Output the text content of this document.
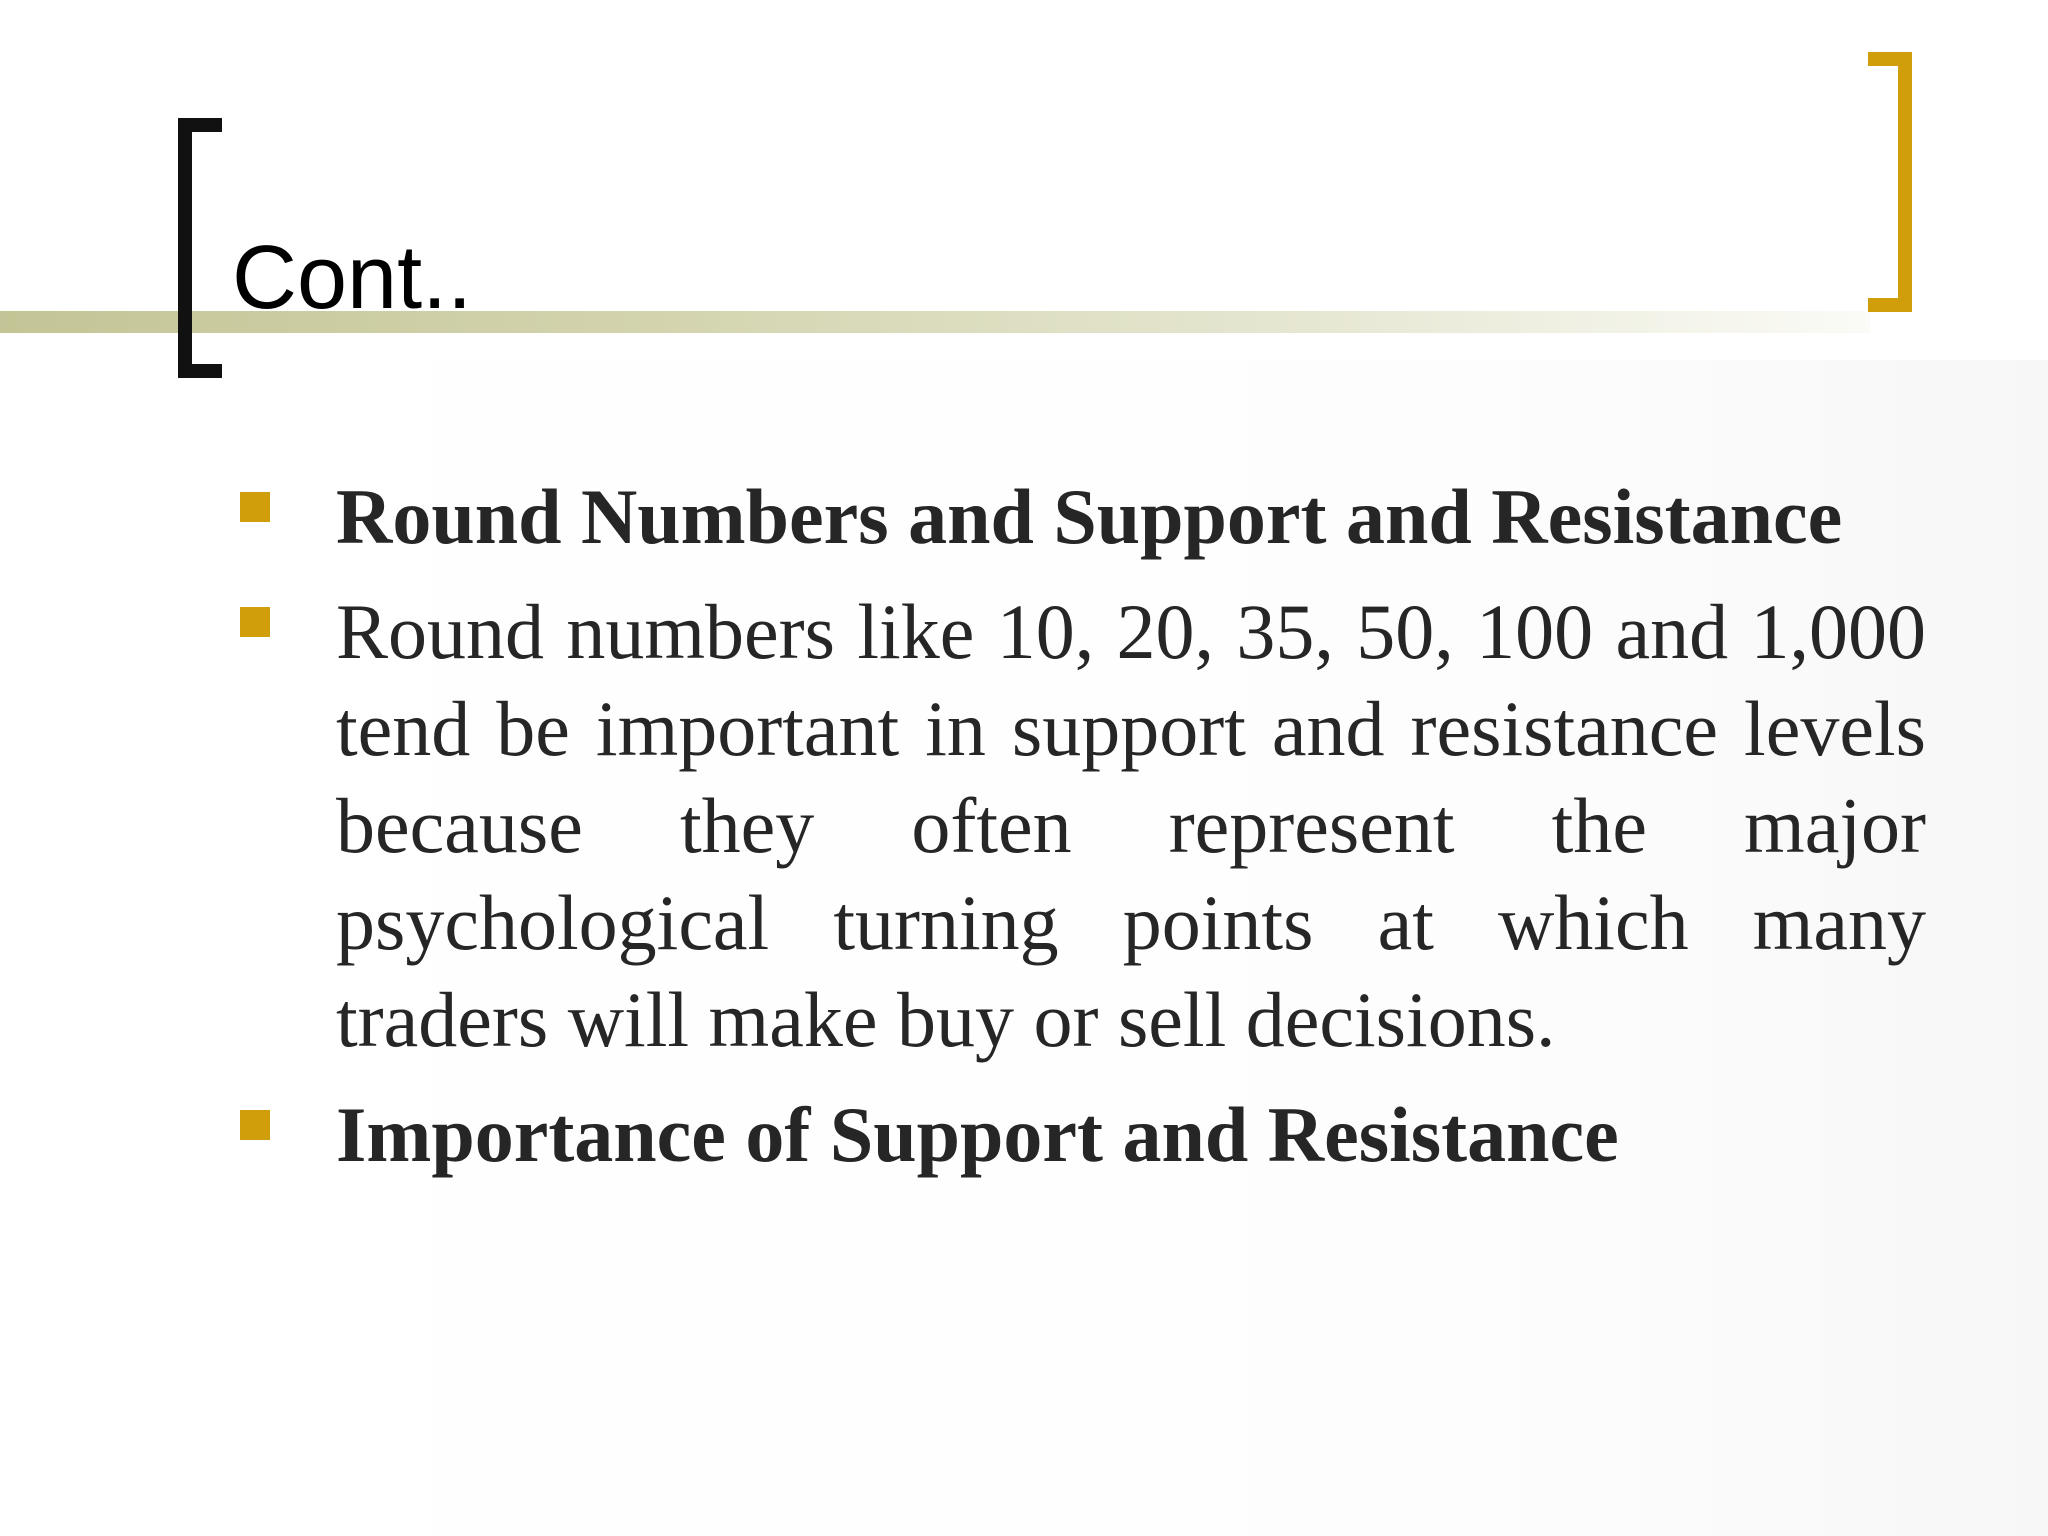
Cont..
Round Numbers and Support and Resistance
Round numbers like 10, 20, 35, 50, 100 and 1,000 tend be important in support and resistance levels because they often represent the major psychological turning points at which many traders will make buy or sell decisions.
Importance of Support and Resistance
